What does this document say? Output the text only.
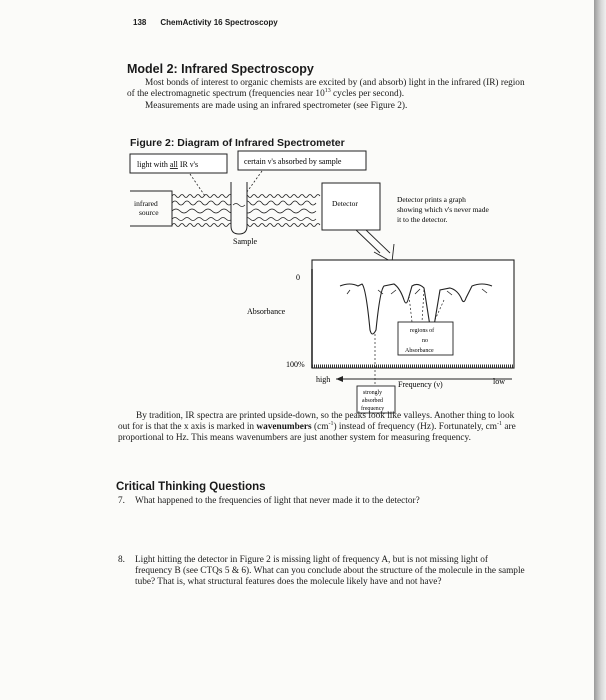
138 ChemActivity 16 Spectroscopy
Model 2: Infrared Spectroscopy

Most bonds of interest to organic chemists are excited by (and absorb) light in the infrared (IR) region of the electromagnetic spectrum (frequencies near $10^{13}$ cycles per second).

Measurements are made using an infrared spectrometer (see Figure 2).

Figure 2: Diagram of Infrared Spectrometer
light with all IR ν's	certain ν's absorbed by sample
infrared
source
Sample
Detector	Detector prints a graph
showing which ν's never made
it to the detector.
0
Absorbance
100%
regions of
no
Absorbance
high
Frequency (ν)	low
strongly
absorbed
frequency

By tradition, IR spectra are printed upside-down, so the peaks look like valleys. Another thing to look out for is that the x axis is marked in wavenumbers $(cm^{-1})$ instead of frequency (Hz). Fortunately, $cm^{-1}$ are proportional to Hz. This means wavenumbers are just another system for measuring frequency.

Critical Thinking Questions
7.	What happened to the frequencies of light that never made it to the detector?
8.	Light hitting the detector in Figure 2 is missing light of frequency A, but is not missing light of frequency B (see CTQs 5 & 6). What can you conclude about the structure of the molecule in the sample tube? That is, what structural features does the molecule likely have and not have?
